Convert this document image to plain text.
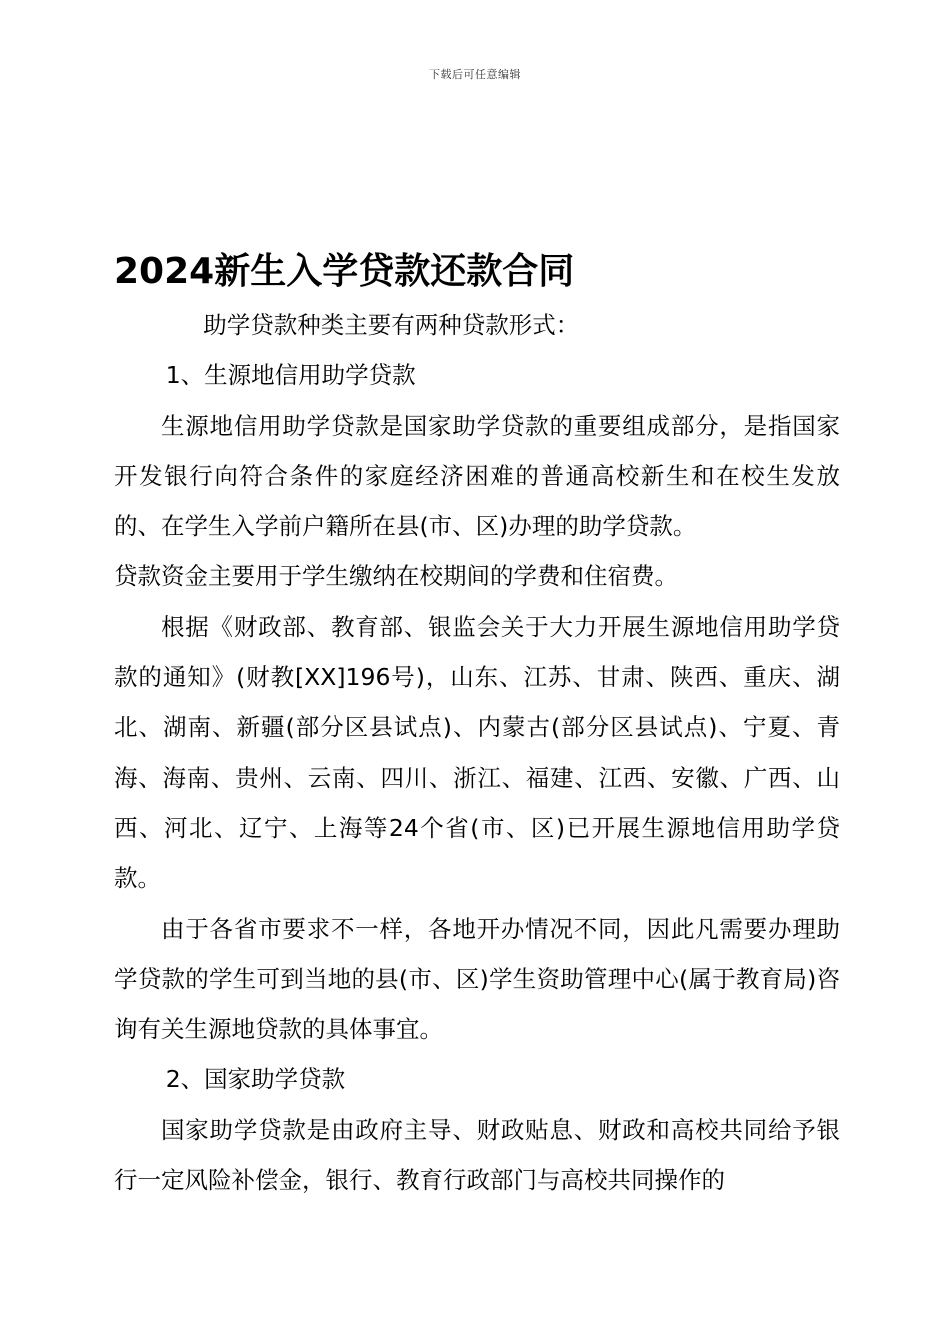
下载后可任意编辑
2024新生入学贷款还款合同

助学贷款种类主要有两种贷款形式：

1、生源地信用助学贷款

生源地信用助学贷款是国家助学贷款的重要组成部分，是指国家开发银行向符合条件的家庭经济困难的普通高校新生和在校生发放的、在学生入学前户籍所在县(市、区)办理的助学贷款。

贷款资金主要用于学生缴纳在校期间的学费和住宿费。

根据《财政部、教育部、银监会关于大力开展生源地信用助学贷款的通知》(财教[XX]196号)，山东、江苏、甘肃、陕西、重庆、湖北、湖南、新疆(部分区县试点)、内蒙古(部分区县试点)、宁夏、青海、海南、贵州、云南、四川、浙江、福建、江西、安徽、广西、山西、河北、辽宁、上海等24个省(市、区)已开展生源地信用助学贷款。

由于各省市要求不一样，各地开办情况不同，因此凡需要办理助学贷款的学生可到当地的县(市、区)学生资助管理中心(属于教育局)咨询有关生源地贷款的具体事宜。

2、国家助学贷款

国家助学贷款是由政府主导、财政贴息、财政和高校共同给予银行一定风险补偿金，银行、教育行政部门与高校共同操作的
